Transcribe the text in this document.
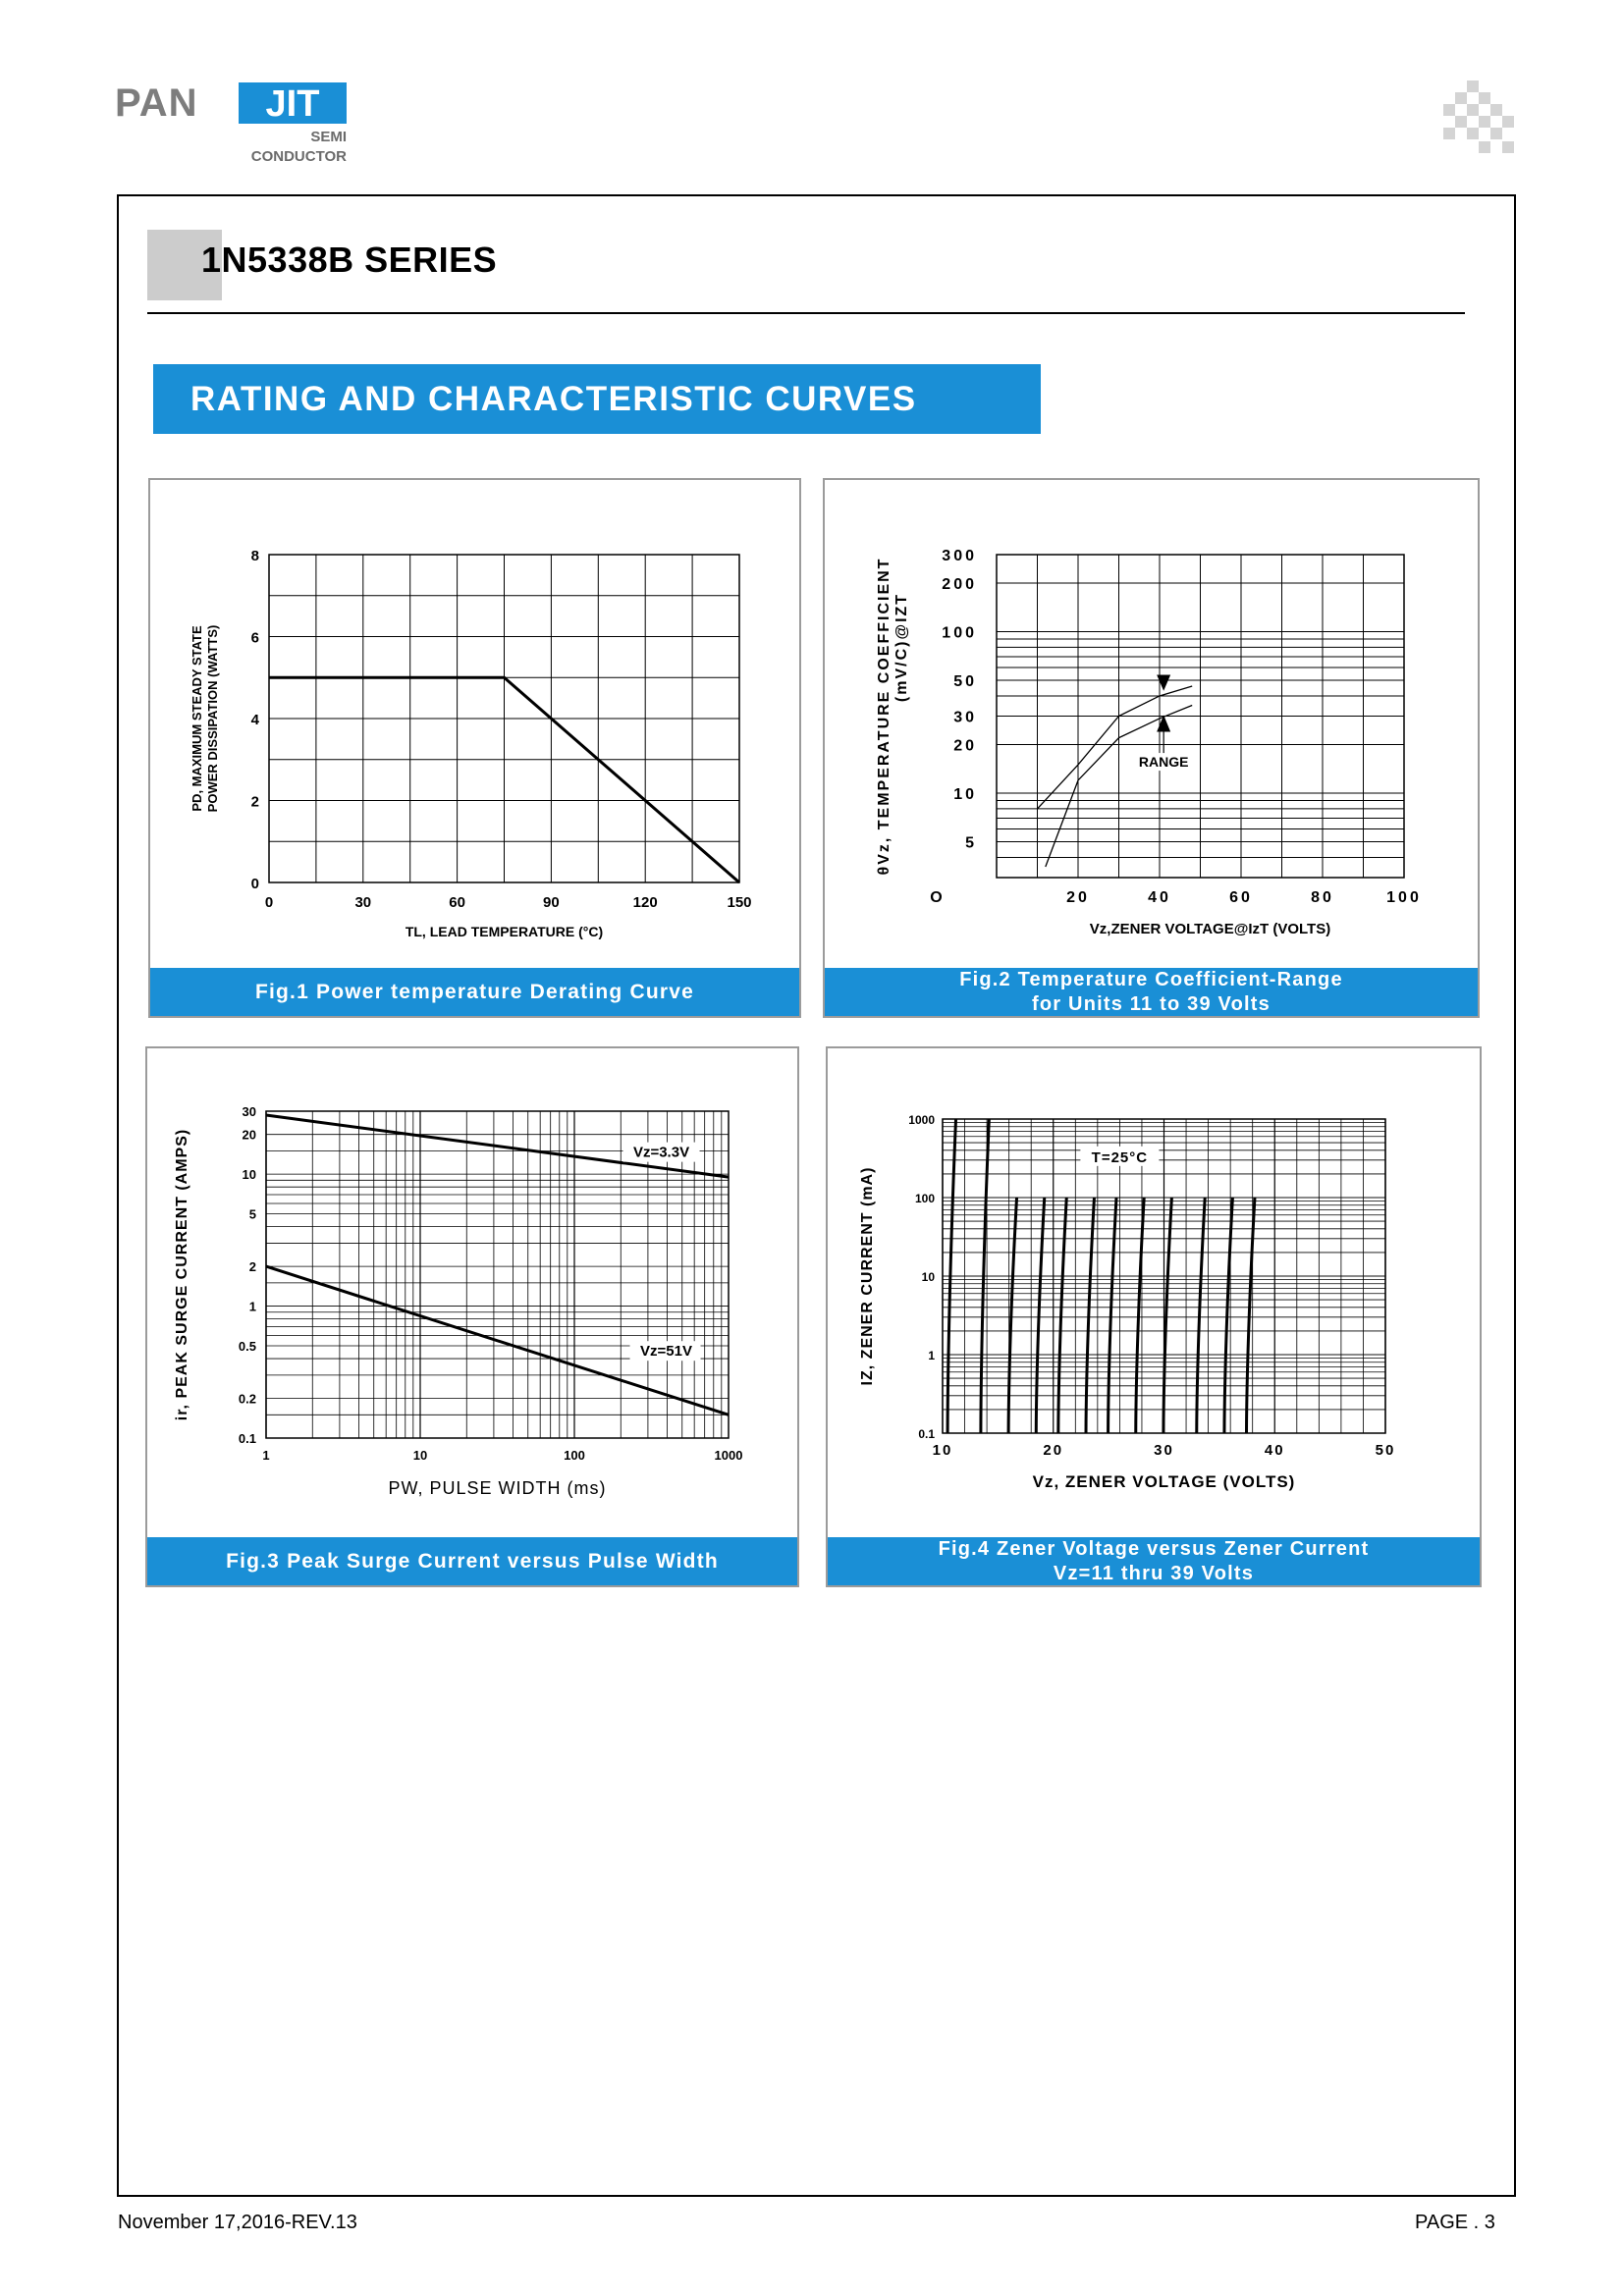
PAN JIT
SEMI
CONDUCTOR
1N5338B SERIES
RATING AND CHARACTERISTIC CURVES
0	30	60	90	120	150
0
2
4
6
8
TL, LEAD TEMPERATURE (°C)
PD, MAXIMUM STEADY STATE POWER DISSIPATION (WATTS)
Fig.1 Power temperature Derating Curve
O	20	40	60	80	100
5
10
20
30
50
100
200
300
RANGE
Vz,ZENER VOLTAGE@IzT (VOLTS)
θVz, TEMPERATURE COEFFICIENT (mV/C)@IZT
Fig.2 Temperature Coefficient-Range
for Units 11 to 39 Volts
1	10	100	1000
0.1
0.2
0.5
1
2
5
10
20
30
Vz=3.3V
Vz=51V
PW, PULSE WIDTH (ms)
ir, PEAK SURGE CURRENT (AMPS)
Fig.3 Peak Surge Current versus Pulse Width
10	20	30	40	50
0.1
1
10
100
1000
T=25°C
Vz, ZENER VOLTAGE (VOLTS)
IZ, ZENER CURRENT (mA)
Fig.4 Zener Voltage versus Zener Current
Vz=11 thru 39 Volts
November 17,2016-REV.13	PAGE . 3
